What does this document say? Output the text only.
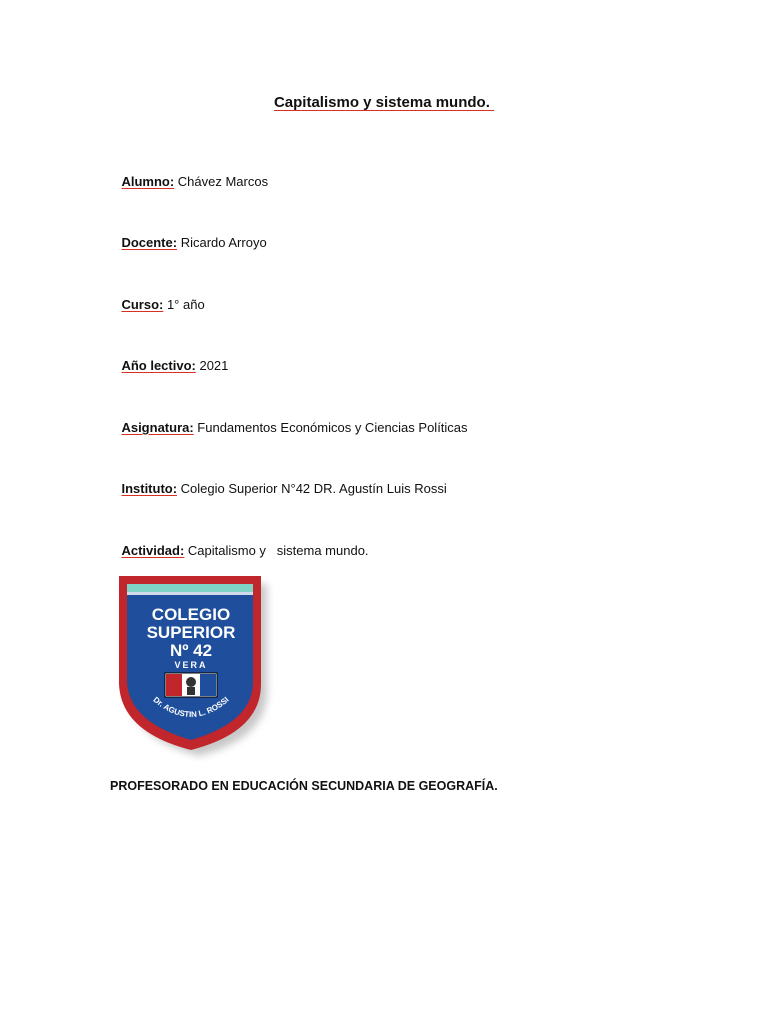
Capitalismo y sistema mundo.

Alumno: Chávez Marcos

Docente: Ricardo Arroyo

Curso: 1° año

Año lectivo: 2021

Asignatura: Fundamentos Económicos y Ciencias Políticas

Instituto: Colegio Superior N°42 DR. Agustín Luis Rossi

Actividad: Capitalismo y   sistema mundo.

COLEGIO
SUPERIOR
Nº 42
VERA
Dr. AGUSTIN L. ROSSI
PROFESORADO EN EDUCACIÓN SECUNDARIA DE GEOGRAFÍA.
